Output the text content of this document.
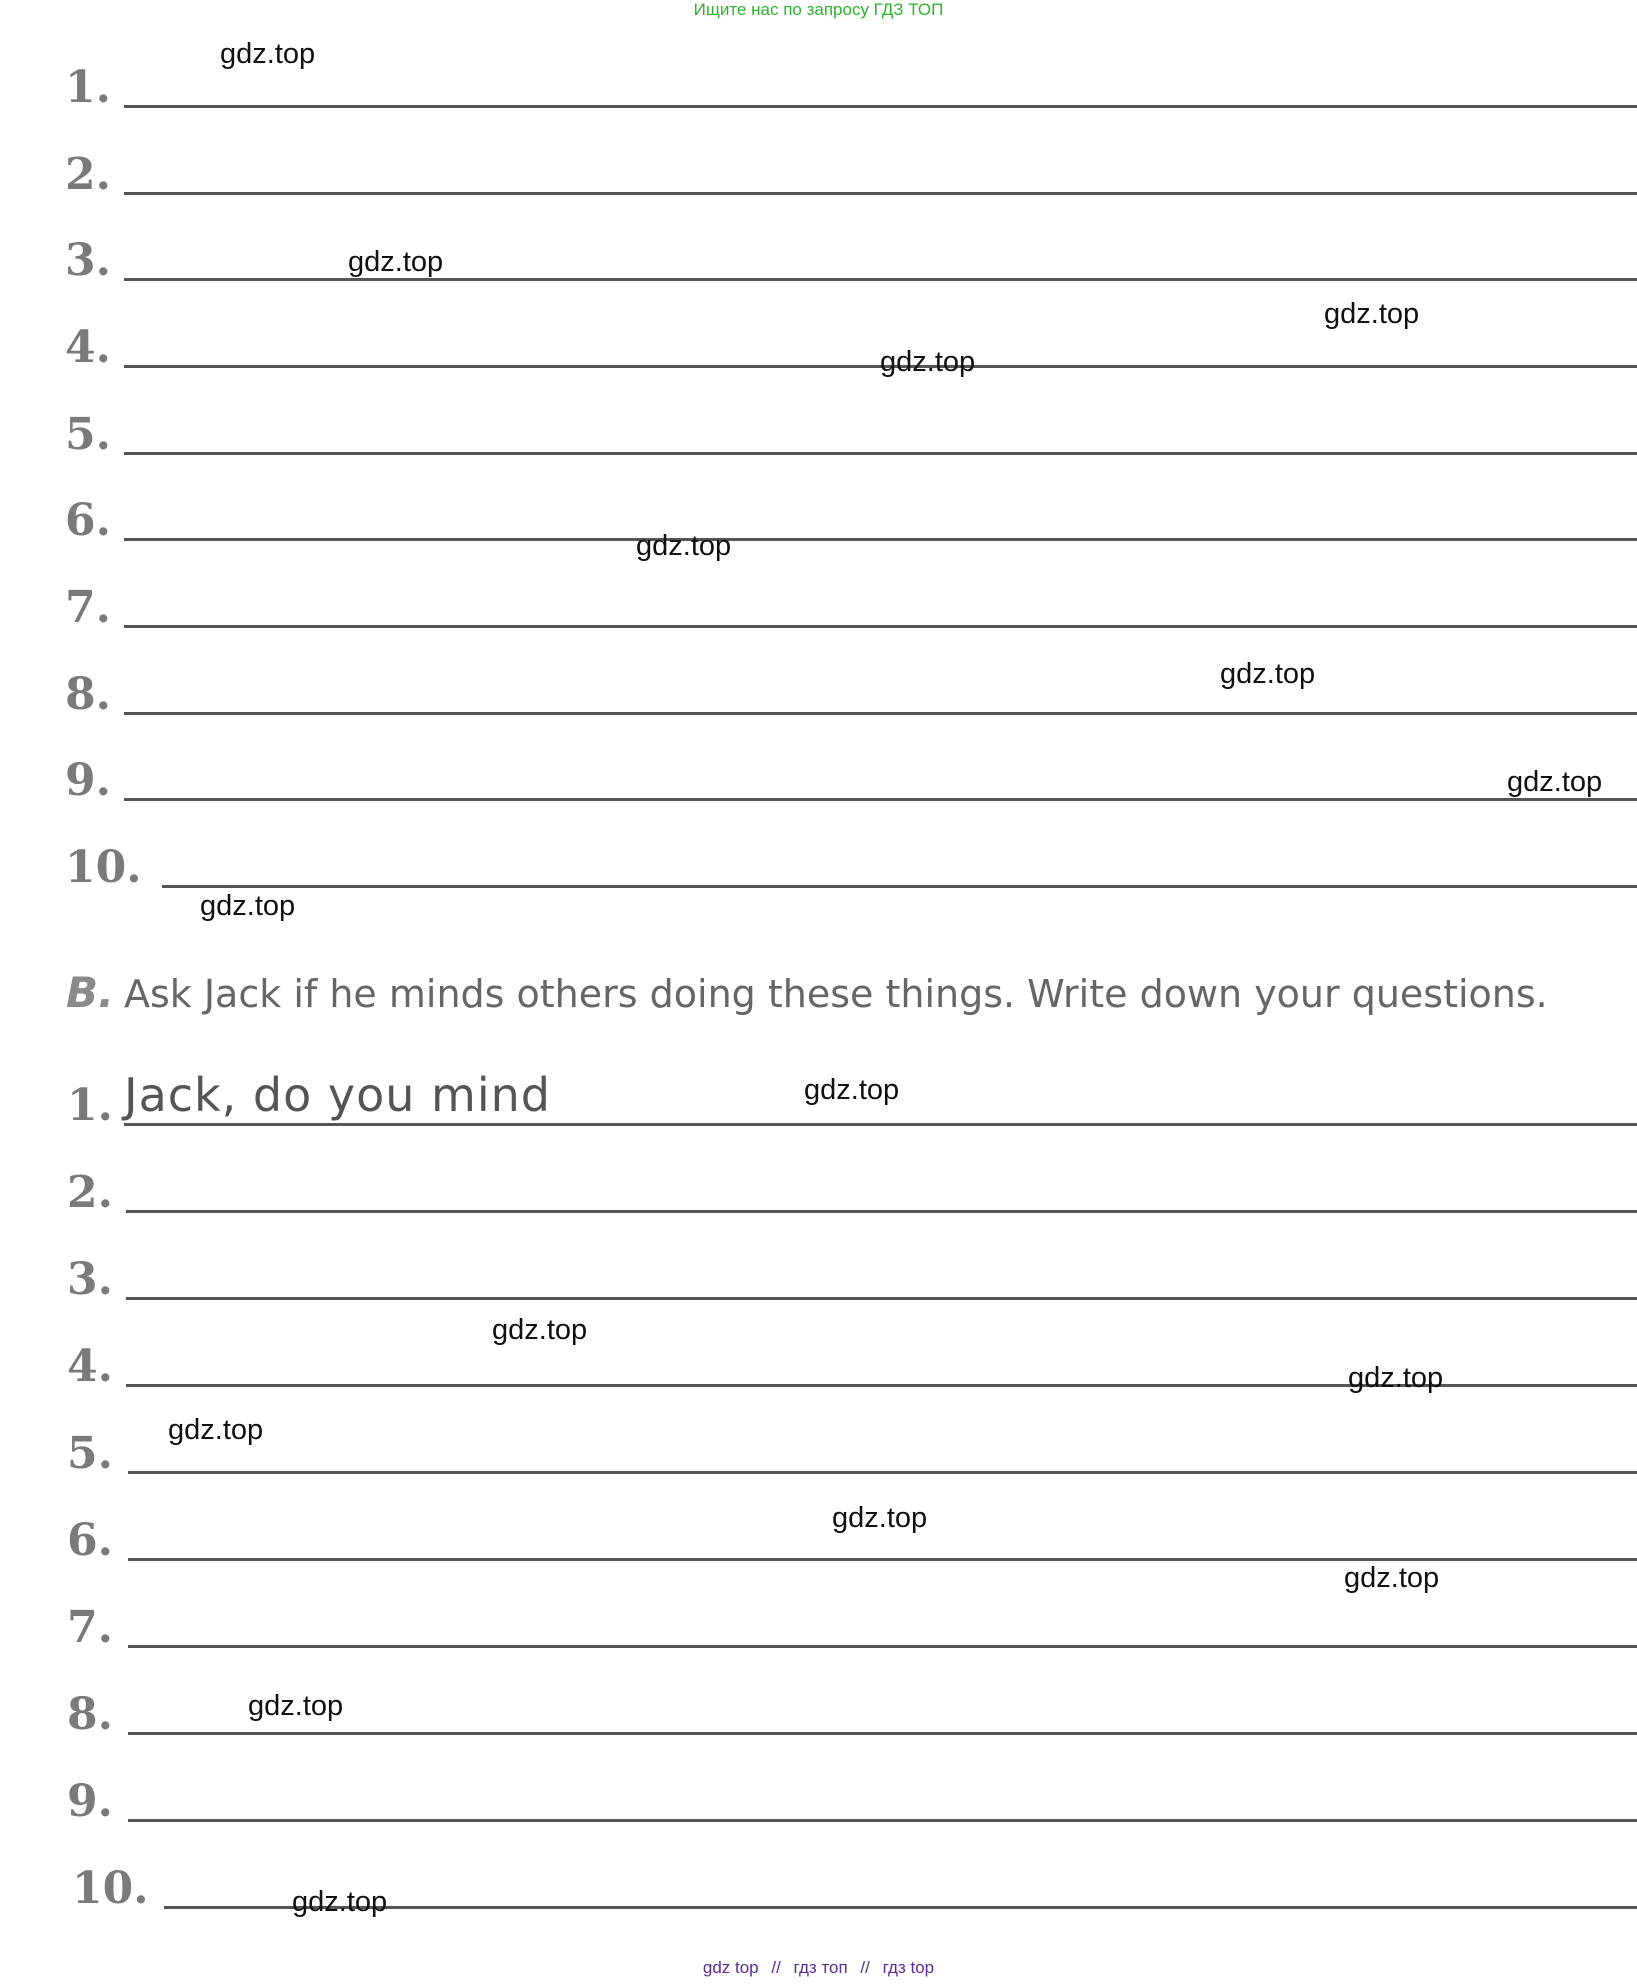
Ищите нас по запросу ГДЗ ТОП
1.
2.
3.
4.
5.
6.
7.
8.
9.
10.
B. Ask Jack if he minds others doing these things. Write down your questions.
1. Jack, do you mind
2.
3.
4.
5.
6.
7.
8.
9.
10.
gdz.top
gdz.top
gdz.top
gdz.top
gdz.top
gdz.top
gdz.top
gdz.top
gdz.top
gdz.top
gdz.top
gdz.top
gdz.top
gdz.top
gdz.top
gdz.top
gdz top // гдз топ // гдз top
